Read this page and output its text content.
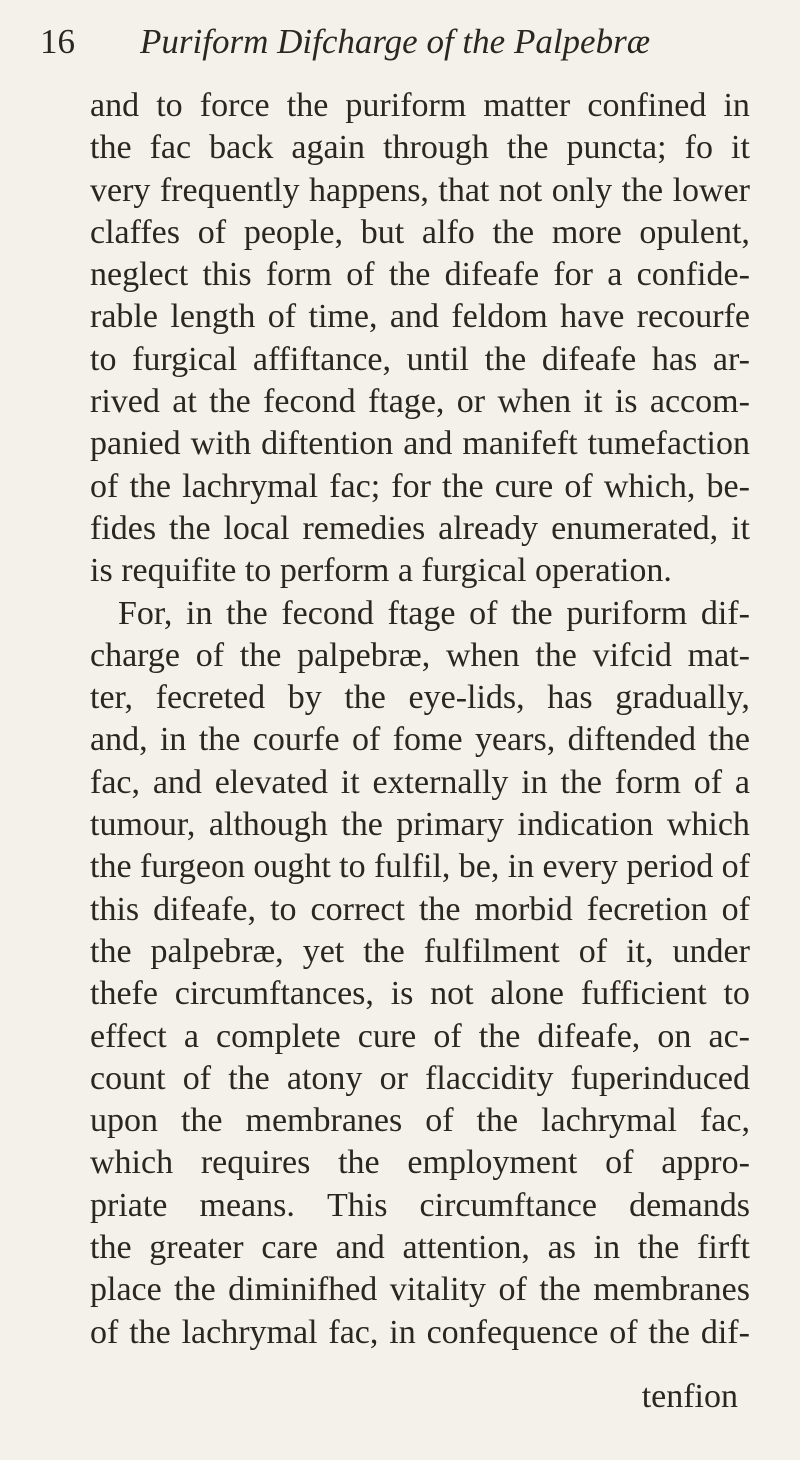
16 Puriform Difcharge of the Palpebræ
and to force the puriform matter confined in
the fac back again through the puncta; fo it
very frequently happens, that not only the lower
claffes of people, but alfo the more opulent,
neglect this form of the difeafe for a confide-
rable length of time, and feldom have recourfe
to furgical affiftance, until the difeafe has ar-
rived at the fecond ftage, or when it is accom-
panied with diftention and manifeft tumefaction
of the lachrymal fac; for the cure of which, be-
fides the local remedies already enumerated, it
is requifite to perform a furgical operation.
For, in the fecond ftage of the puriform dif-
charge of the palpebræ, when the vifcid mat-
ter, fecreted by the eye-lids, has gradually,
and, in the courfe of fome years, diftended the
fac, and elevated it externally in the form of a
tumour, although the primary indication which
the furgeon ought to fulfil, be, in every period of
this difeafe, to correct the morbid fecretion of
the palpebræ, yet the fulfilment of it, under
thefe circumftances, is not alone fufficient to
effect a complete cure of the difeafe, on ac-
count of the atony or flaccidity fuperinduced
upon the membranes of the lachrymal fac,
which requires the employment of appro-
priate means. This circumftance demands
the greater care and attention, as in the firft
place the diminifhed vitality of the membranes
of the lachrymal fac, in confequence of the dif-
tenfion
